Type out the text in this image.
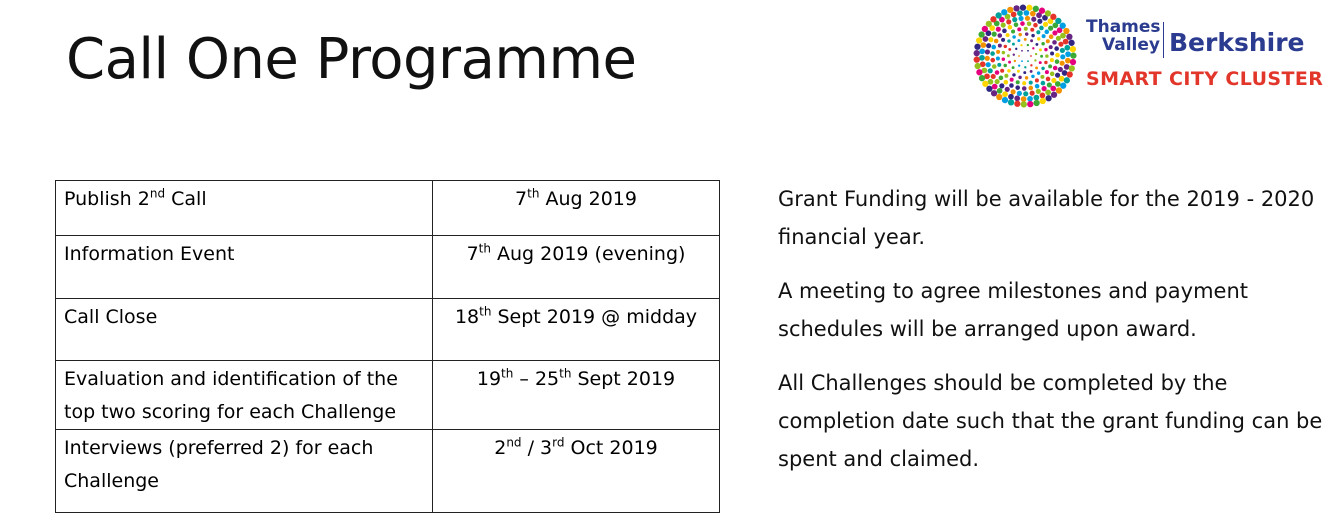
Call One Programme	Thames
Valley Berkshire
SMART CITY CLUSTER
Publish 2nd Call	7th Aug 2019
Information Event	7th Aug 2019 (evening)
Call Close	18th Sept 2019 @ midday
Evaluation and identification of the top two scoring for each Challenge	19th – 25th Sept 2019
Interviews (preferred 2) for each Challenge	2nd / 3rd Oct 2019

Grant Funding will be available for the 2019 - 2020 financial year.

A meeting to agree milestones and payment schedules will be arranged upon award.

All Challenges should be completed by the completion date such that the grant funding can be spent and claimed.
